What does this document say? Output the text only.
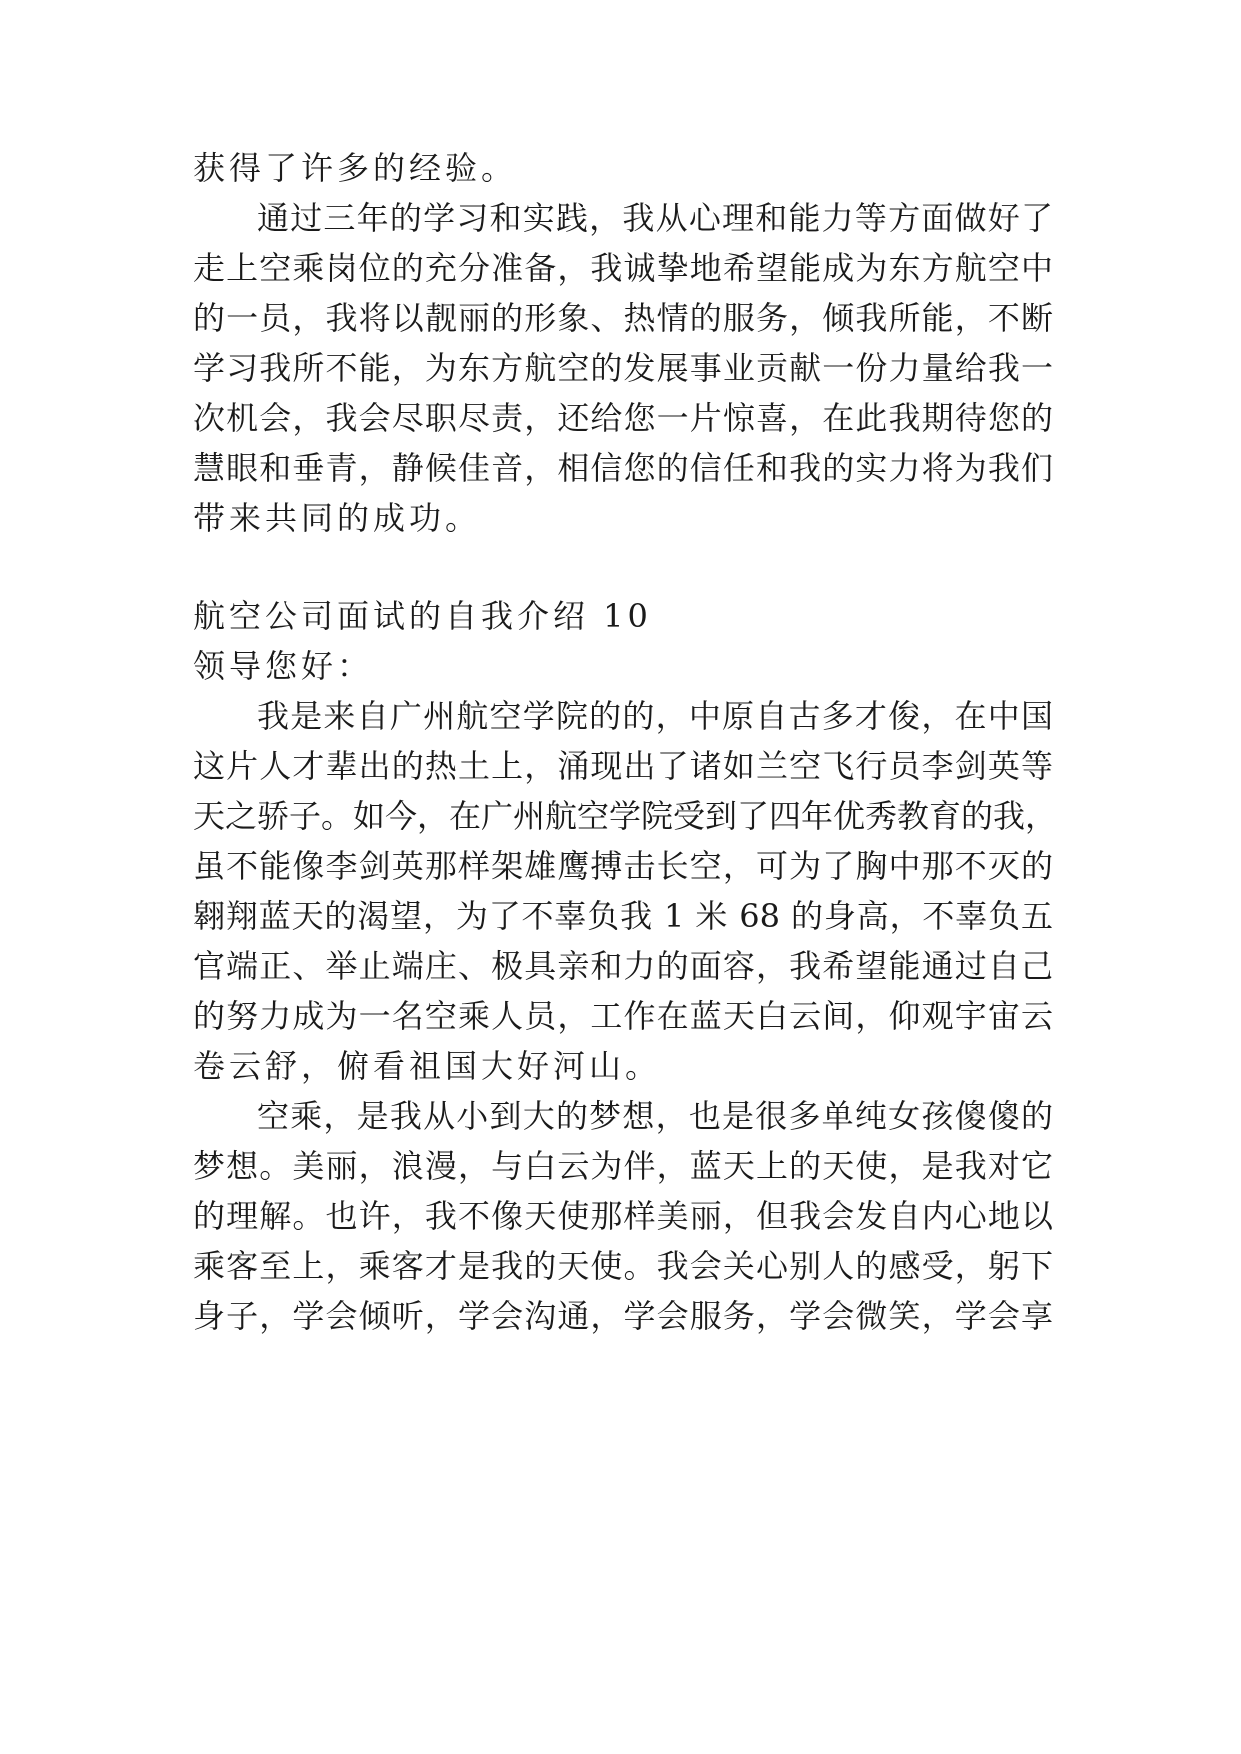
获得了许多的经验。
通过三年的学习和实践，我从心理和能力等方面做好了
走上空乘岗位的充分准备，我诚挚地希望能成为东方航空中
的一员，我将以靓丽的形象、热情的服务，倾我所能，不断
学习我所不能，为东方航空的发展事业贡献一份力量给我一
次机会，我会尽职尽责，还给您一片惊喜，在此我期待您的
慧眼和垂青，静候佳音，相信您的信任和我的实力将为我们
带来共同的成功。
航空公司面试的自我介绍 10
领导您好：
我是来自广州航空学院的的，中原自古多才俊，在中国
这片人才辈出的热土上，涌现出了诸如兰空飞行员李剑英等
天之骄子。如今，在广州航空学院受到了四年优秀教育的我，
虽不能像李剑英那样架雄鹰搏击长空，可为了胸中那不灭的
翱翔蓝天的渴望，为了不辜负我 1 米 68 的身高，不辜负五
官端正、举止端庄、极具亲和力的面容，我希望能通过自己
的努力成为一名空乘人员，工作在蓝天白云间，仰观宇宙云
卷云舒，俯看祖国大好河山。
空乘，是我从小到大的梦想，也是很多单纯女孩傻傻的
梦想。美丽，浪漫，与白云为伴，蓝天上的天使，是我对它
的理解。也许，我不像天使那样美丽，但我会发自内心地以
乘客至上，乘客才是我的天使。我会关心别人的感受，躬下
身子，学会倾听，学会沟通，学会服务，学会微笑，学会享
